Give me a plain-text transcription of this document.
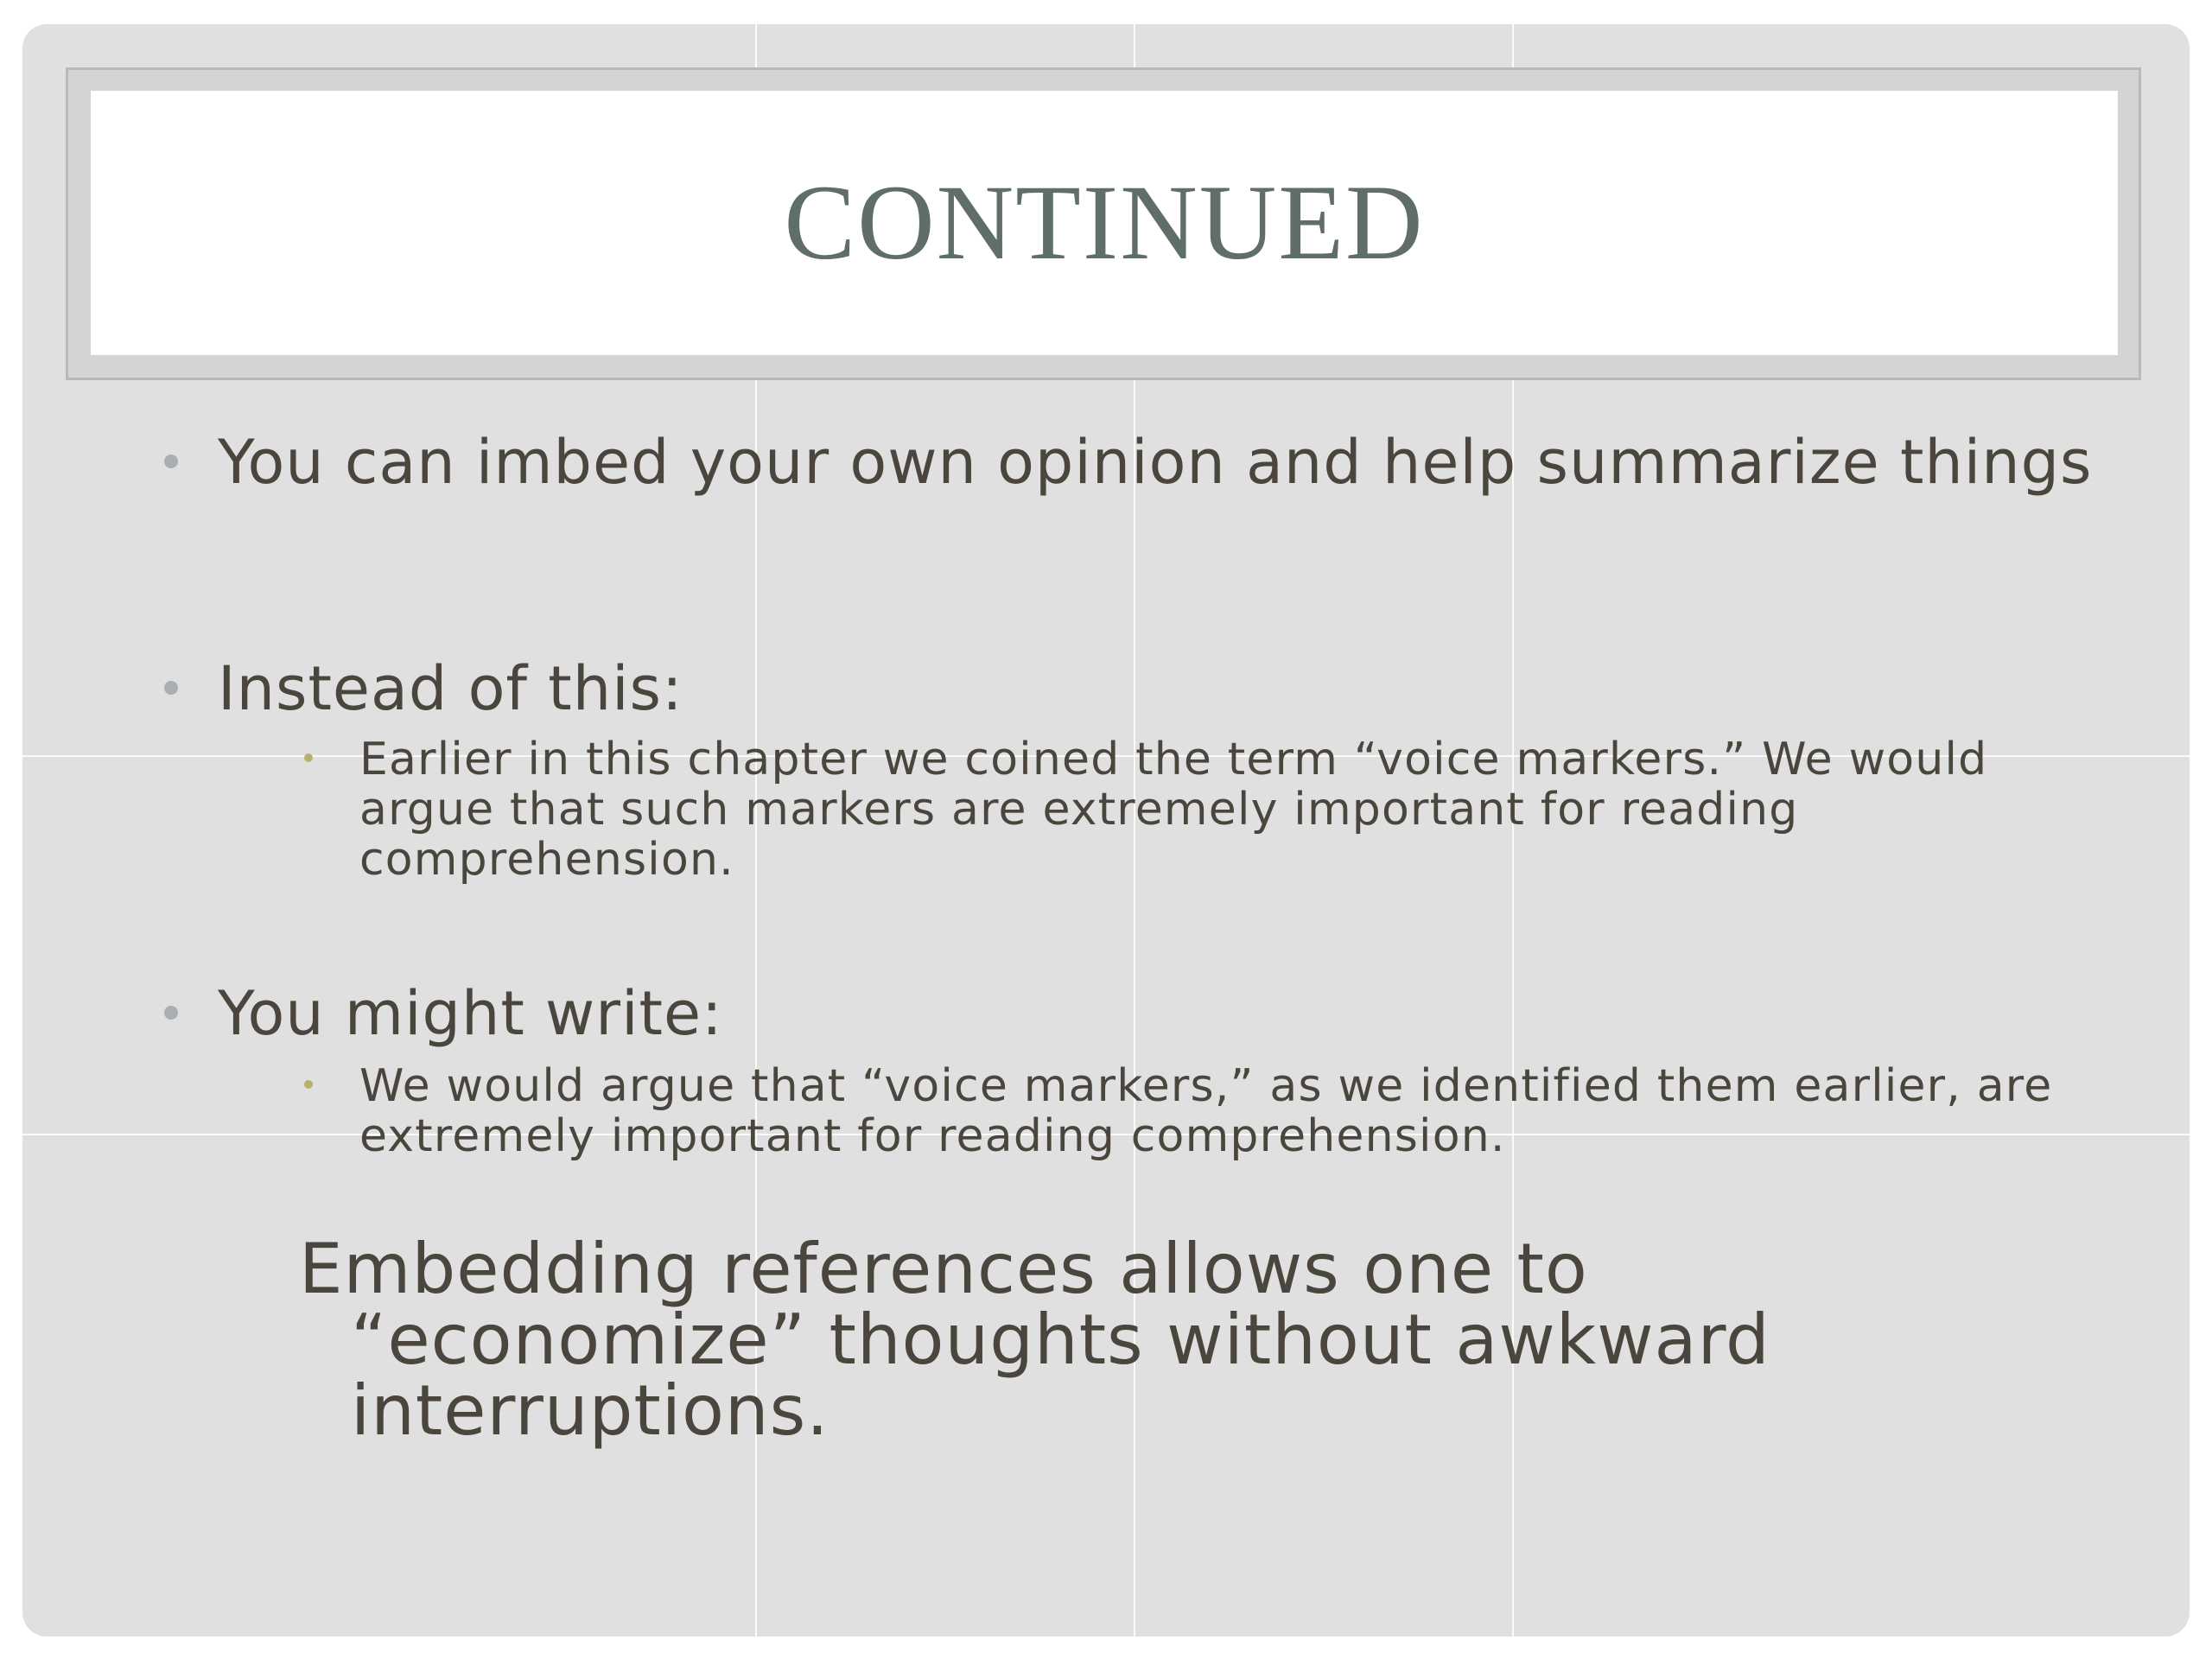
CONTINUED
You can imbed your own opinion and help summarize things
Instead of this:
Earlier in this chapter we coined the term “voice markers.” We would argue that such markers are extremely important for reading comprehension.
You might write:
We would argue that “voice markers,” as we identified them earlier, are extremely important for reading comprehension.
Embedding references allows one to “economize” thoughts without awkward interruptions.
